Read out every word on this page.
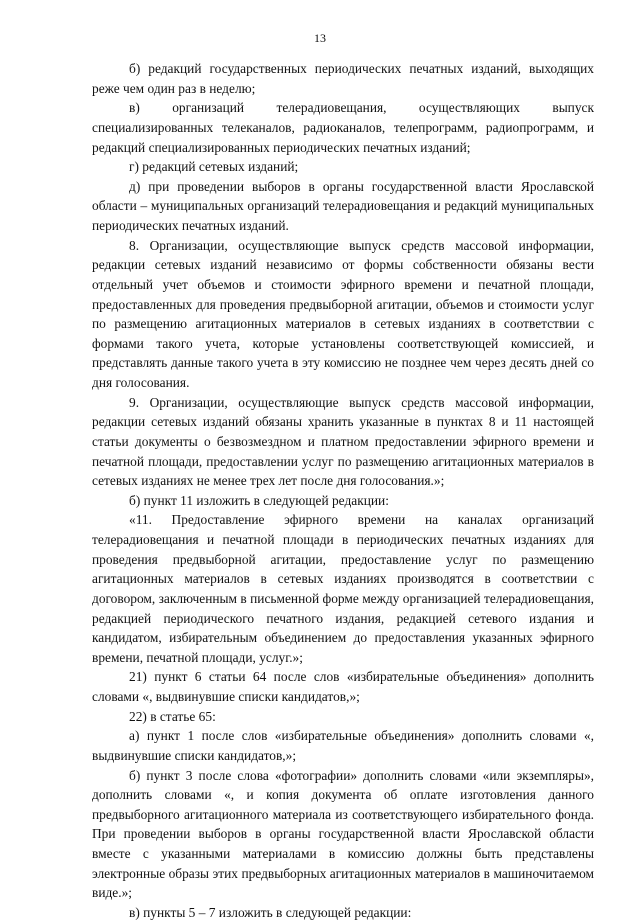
13

б) редакций государственных периодических печатных изданий, выходящих реже чем один раз в неделю;

в) организаций телерадиовещания, осуществляющих выпуск специализированных телеканалов, радиоканалов, телепрограмм, радиопрограмм, и редакций специализированных периодических печатных изданий;

г) редакций сетевых изданий;

д) при проведении выборов в органы государственной власти Ярославской области – муниципальных организаций телерадиовещания и редакций муниципальных периодических печатных изданий.

8. Организации, осуществляющие выпуск средств массовой информации, редакции сетевых изданий независимо от формы собственности обязаны вести отдельный учет объемов и стоимости эфирного времени и печатной площади, предоставленных для проведения предвыборной агитации, объемов и стоимости услуг по размещению агитационных материалов в сетевых изданиях в соответствии с формами такого учета, которые установлены соответствующей комиссией, и представлять данные такого учета в эту комиссию не позднее чем через десять дней со дня голосования.

9. Организации, осуществляющие выпуск средств массовой информации, редакции сетевых изданий обязаны хранить указанные в пунктах 8 и 11 настоящей статьи документы о безвозмездном и платном предоставлении эфирного времени и печатной площади, предоставлении услуг по размещению агитационных материалов в сетевых изданиях не менее трех лет после дня голосования.»;

б) пункт 11 изложить в следующей редакции:

«11. Предоставление эфирного времени на каналах организаций телерадиовещания и печатной площади в периодических печатных изданиях для проведения предвыборной агитации, предоставление услуг по размещению агитационных материалов в сетевых изданиях производятся в соответствии с договором, заключенным в письменной форме между организацией телерадиовещания, редакцией периодического печатного издания, редакцией сетевого издания и кандидатом, избирательным объединением до предоставления указанных эфирного времени, печатной площади, услуг.»;

21) пункт 6 статьи 64 после слов «избирательные объединения» дополнить словами «, выдвинувшие списки кандидатов,»;

22) в статье 65:

а) пункт 1 после слов «избирательные объединения» дополнить словами «, выдвинувшие списки кандидатов,»;

б) пункт 3 после слова «фотографии» дополнить словами «или экземпляры», дополнить словами «, и копия документа об оплате изготовления данного предвыборного агитационного материала из соответствующего избирательного фонда. При проведении выборов в органы государственной власти Ярославской области вместе с указанными материалами в комиссию должны быть представлены электронные образы этих предвыборных агитационных материалов в машиночитаемом виде.»;

в) пункты 5 – 7 изложить в следующей редакции:
